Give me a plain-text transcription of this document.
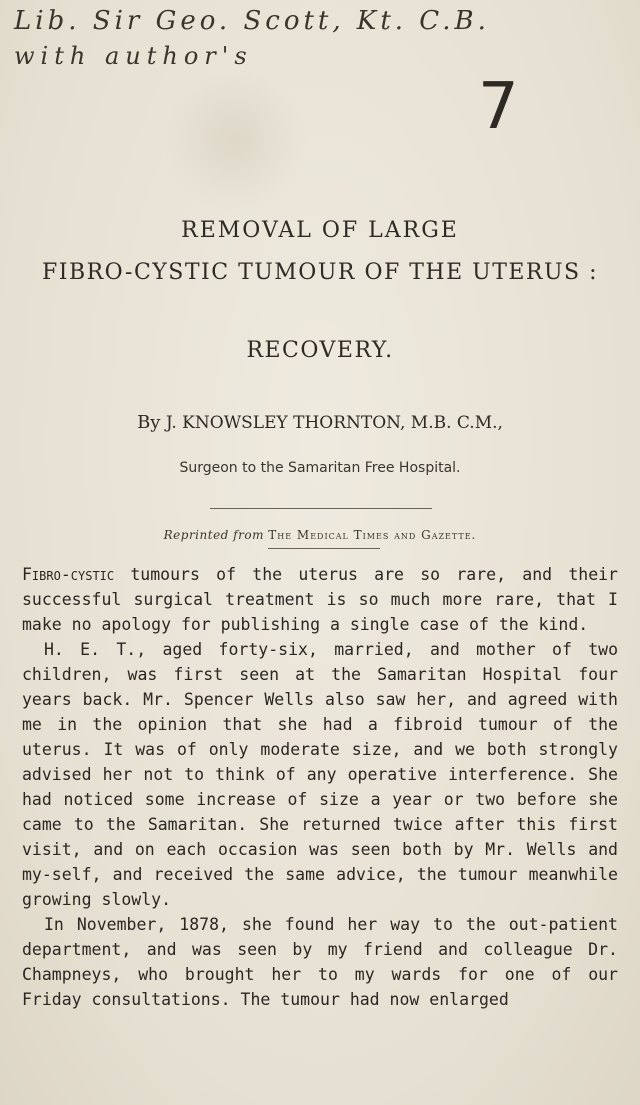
Lib. Sir Geo. Scott, Kt. C.B.
with author's
7
REMOVAL OF LARGE
FIBRO-CYSTIC TUMOUR OF THE UTERUS :
RECOVERY.
By J. KNOWSLEY THORNTON, M.B. C.M.,
Surgeon to the Samaritan Free Hospital.
Reprinted from The Medical Times and Gazette.

Fibro-cystic tumours of the uterus are so rare, and their successful surgical treatment is so much more rare, that I make no apology for publishing a single case of the kind.

H. E. T., aged forty-six, married, and mother of two children, was first seen at the Samaritan Hospital four years back. Mr. Spencer Wells also saw her, and agreed with me in the opinion that she had a fibroid tumour of the uterus. It was of only moderate size, and we both strongly advised her not to think of any operative interference. She had noticed some increase of size a year or two before she came to the Samaritan. She returned twice after this first visit, and on each occasion was seen both by Mr. Wells and my-self, and received the same advice, the tumour meanwhile growing slowly.

In November, 1878, she found her way to the out-patient department, and was seen by my friend and colleague Dr. Champneys, who brought her to my wards for one of our Friday consultations. The tumour had now enlarged
